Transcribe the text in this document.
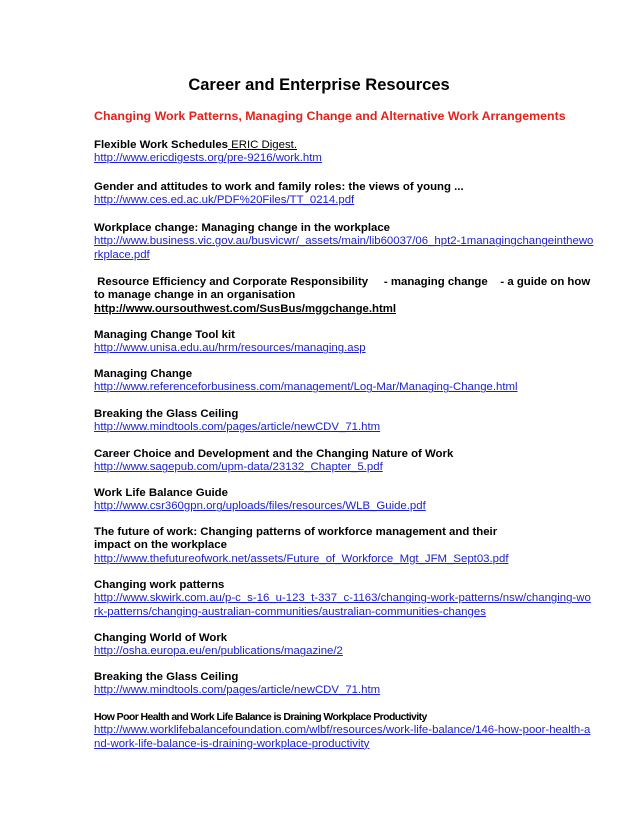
Career and Enterprise Resources
Changing Work Patterns, Managing Change and Alternative Work Arrangements
Flexible Work Schedules ERIC Digest.
http://www.ericdigests.org/pre-9216/work.htm
Gender and attitudes to work and family roles: the views of young ...
http://www.ces.ed.ac.uk/PDF%20Files/TT_0214.pdf
Workplace change: Managing change in the workplace
http://www.business.vic.gov.au/busvicwr/_assets/main/lib60037/06_hpt2-1managingchangeintheworkplace.pdf
Resource Efficiency and Corporate Responsibility     - managing change    - a guide on how to manage change in an organisation
http://www.oursouthwest.com/SusBus/mggchange.html
Managing Change Tool kit
http://www.unisa.edu.au/hrm/resources/managing.asp
Managing Change
http://www.referenceforbusiness.com/management/Log-Mar/Managing-Change.html
Breaking the Glass Ceiling
http://www.mindtools.com/pages/article/newCDV_71.htm
Career Choice and Development and the Changing Nature of Work
http://www.sagepub.com/upm-data/23132_Chapter_5.pdf
Work Life Balance Guide
http://www.csr360gpn.org/uploads/files/resources/WLB_Guide.pdf
The future of work: Changing patterns of workforce management and their impact on the workplace
http://www.thefutureofwork.net/assets/Future_of_Workforce_Mgt_JFM_Sept03.pdf
Changing work patterns
http://www.skwirk.com.au/p-c_s-16_u-123_t-337_c-1163/changing-work-patterns/nsw/changing-work-patterns/changing-australian-communities/australian-communities-changes
Changing World of Work
http://osha.europa.eu/en/publications/magazine/2
Breaking the Glass Ceiling
http://www.mindtools.com/pages/article/newCDV_71.htm
How Poor Health and Work Life Balance is Draining Workplace Productivity
http://www.worklifebalancefoundation.com/wlbf/resources/work-life-balance/146-how-poor-health-and-work-life-balance-is-draining-workplace-productivity
